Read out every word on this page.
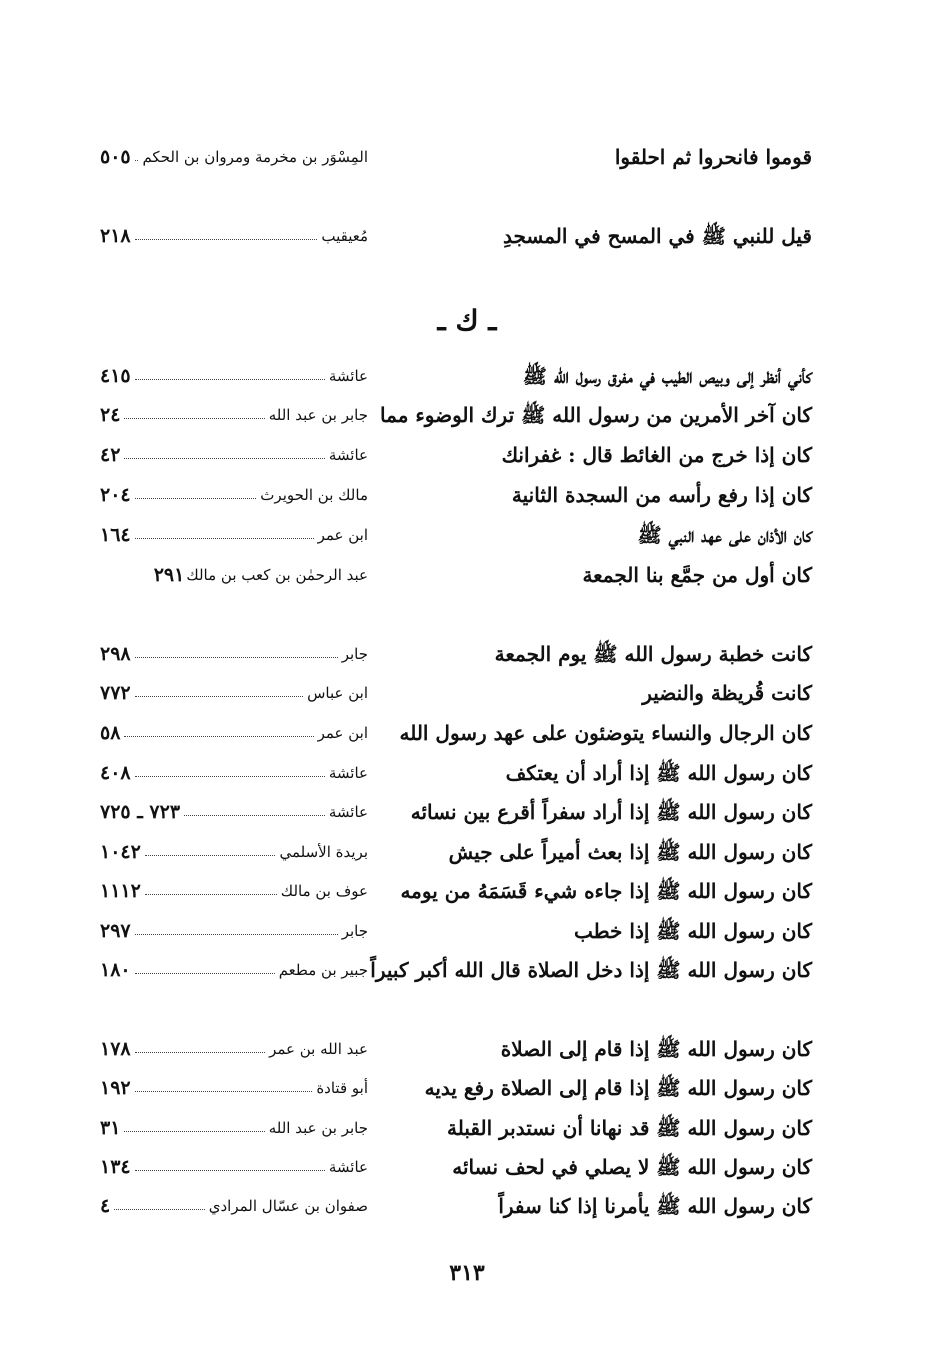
قوموا فانحروا ثم احلقوا
المِسْوَر بن مخرمة ومروان بن الحكم
٥٠٥
قيل للنبي ﷺ في المسح في المسجدِ
مُعيقيب
٢١٨
ـ ك ـ
كأني أنظر إلى وبيص الطيب في مفرق رسول الله ﷺ
عائشة
٤١٥
كان آخر الأمرين من رسول الله ﷺ ترك الوضوء مما
جابر بن عبد الله
٢٤
كان إذا خرج من الغائط قال : غفرانك
عائشة
٤٢
كان إذا رفع رأسه من السجدة الثانية
مالك بن الحويرث
٢٠٤
كان الأذان على عهد النبي ﷺ
ابن عمر
١٦٤
كان أول من جمَّع بنا الجمعة
عبد الرحمٰن بن كعب بن مالك
٢٩١
كانت خطبة رسول الله ﷺ يوم الجمعة
جابر
٢٩٨
كانت قُريظة والنضير
ابن عباس
٧٧٢
كان الرجال والنساء يتوضئون على عهد رسول الله
ابن عمر
٥٨
كان رسول الله ﷺ إذا أراد أن يعتكف
عائشة
٤٠٨
كان رسول الله ﷺ إذا أراد سفراً أقرع بين نسائه
عائشة
٧٢٣ ـ ٧٢٥
كان رسول الله ﷺ إذا بعث أميراً على جيش
بريدة الأسلمي
١٠٤٢
كان رسول الله ﷺ إذا جاءه شيء قَسَمَهُ من يومه
عوف بن مالك
١١١٢
كان رسول الله ﷺ إذا خطب
جابر
٢٩٧
كان رسول الله ﷺ إذا دخل الصلاة قال الله أكبر كبيراً
جبير بن مطعم
١٨٠
كان رسول الله ﷺ إذا قام إلى الصلاة
عبد الله بن عمر
١٧٨
كان رسول الله ﷺ إذا قام إلى الصلاة رفع يديه
أبو قتادة
١٩٢
كان رسول الله ﷺ قد نهانا أن نستدبر القبلة
جابر بن عبد الله
٣١
كان رسول الله ﷺ لا يصلي في لحف نسائه
عائشة
١٣٤
كان رسول الله ﷺ يأمرنا إذا كنا سفراً
صفوان بن عسّال المرادي
٤
٣١٣
